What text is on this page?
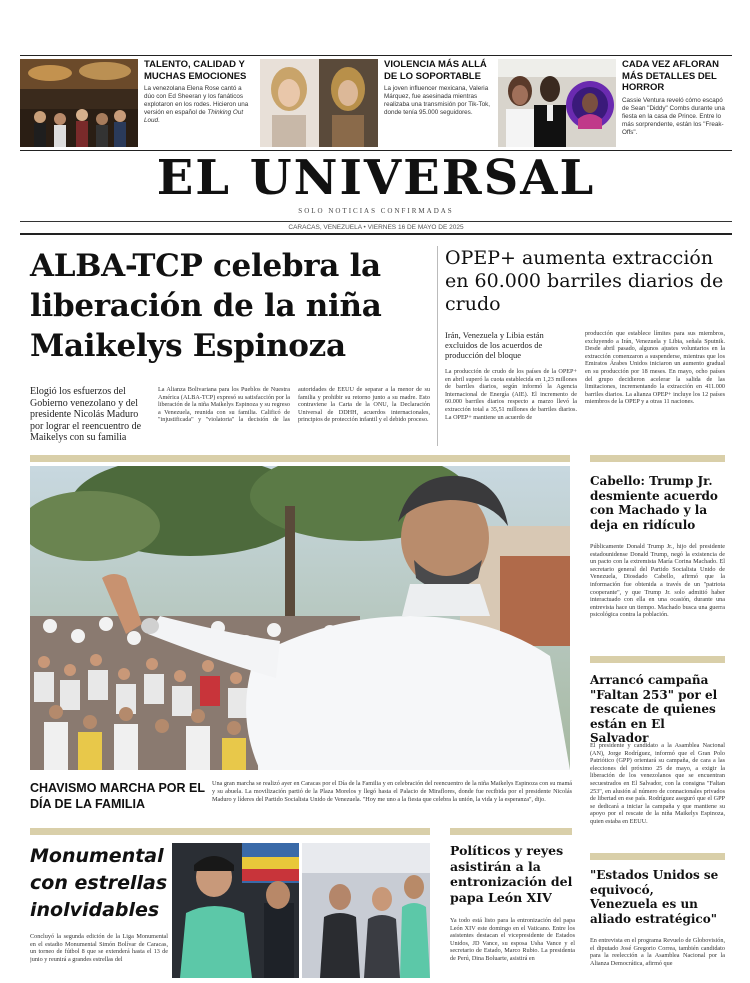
TALENTO, CALIDAD Y MUCHAS EMOCIONES
La venezolana Elena Rose cantó a dúo con Ed Sheeran y los fanáticos explotaron en los rodes. Hicieron una versión en español de Thinking Out Loud.
VIOLENCIA MÁS ALLÁ DE LO SOPORTABLE
La joven influencer mexicana, Valeria Márquez, fue asesinada mientras realizaba una transmisión por Tik-Tok, donde tenía 95.000 seguidores.
CADA VEZ AFLORAN MÁS DETALLES DEL HORROR
Cassie Ventura reveló cómo escapó de Sean "Diddy" Combs durante una fiesta en la casa de Prince. Entre lo más sorprendente, están los "Freak-Offs".
EL UNIVERSAL
SOLO NOTICIAS CONFIRMADAS
CARACAS, VENEZUELA • VIERNES 16 DE MAYO DE 2025
ALBA-TCP celebra la liberación de la niña Maikelys Espinoza
Elogió los esfuerzos del Gobierno venezolano y del presidente Nicolás Maduro por lograr el reencuentro de Maikelys con su familia
La Alianza Bolivariana para los Pueblos de Nuestra América (ALBA-TCP) expresó su satisfacción por la liberación de la niña Maikelys Espinoza y su regreso a Venezuela, reunida con su familia. Calificó de "injustificada" y "violatoria" la decisión de las autoridades de EEUU de separar a la menor de su familia y prohibir su retorno junto a su madre. Esto contraviene la Carta de la ONU, la Declaración Universal de DDHH, acuerdos internacionales, principios de protección infantil y el debido proceso.
OPEP+ aumenta extracción en 60.000 barriles diarios de crudo
Irán, Venezuela y Libia están excluidos de los acuerdos de producción del bloque
La producción de crudo de los países de la OPEP+ en abril superó la cuota establecida en 1,23 millones de barriles diarios, según informó la Agencia Internacional de Energía (AIE). El incremento de 60.000 barriles diarios respecto a marzo llevó la extracción total a 35,51 millones de barriles diarios. La OPEP+ mantiene un acuerdo de
producción que establece límites para sus miembros, excluyendo a Irán, Venezuela y Libia, señala Sputnik. Desde abril pasado, algunos ajustes voluntarios en la extracción comenzaron a suspenderse, mientras que los Emiratos Árabes Unidos iniciaron un aumento gradual en su producción por 18 meses. En mayo, ocho países del grupo decidieron acelerar la salida de las limitaciones, incrementando la extracción en 411.000 barriles diarios. La alianza OPEP+ incluye los 12 países miembros de la OPEP y a otras 11 naciones.
CHAVISMO MARCHA POR EL DÍA DE LA FAMILIA
Una gran marcha se realizó ayer en Caracas por el Día de la Familia y en celebración del reencuentro de la niña Maikelys Espinoza con su mamá y su abuela. La movilización partió de la Plaza Morelos y llegó hasta el Palacio de Miraflores, donde fue recibida por el presidente Nicolás Maduro y líderes del Partido Socialista Unido de Venezuela. "Hoy me uno a la fiesta que celebra la unión, la vida y la esperanza", dijo.
Cabello: Trump Jr. desmiente acuerdo con Machado y la deja en ridículo
Públicamente Donald Trump Jr., hijo del presidente estadounidense Donald Trump, negó la existencia de un pacto con la extremista María Corina Machado. El secretario general del Partido Socialista Unido de Venezuela, Diosdado Cabello, afirmó que la información fue obtenida a través de un "patriota cooperante", y que Trump Jr. solo admitió haber interactuado con ella en una ocasión, durante una entrevista hace un tiempo. Machado busca una guerra psicológica contra la población.
Arrancó campaña "Faltan 253" por el rescate de quienes están en El Salvador
El presidente y candidato a la Asamblea Nacional (AN), Jorge Rodríguez, informó que el Gran Polo Patriótico (GPP) orientará su campaña, de cara a las elecciones del próximo 25 de mayo, a exigir la liberación de los venezolanos que se encuentran secuestrados en El Salvador, con la consigna "Faltan 253", en alusión al número de connacionales privados de libertad en ese país. Rodríguez aseguró que el GPP se dedicará a iniciar la campaña y que mantiene su apoyo por el rescate de la niña Maikelys Espinoza, quien estaba en EEUU.
"Estados Unidos se equivocó, Venezuela es un aliado estratégico"
En entrevista en el programa Revuelo de Globovisión, el diputado José Gregorio Correa, también candidato para la reelección a la Asamblea Nacional por la Alianza Democrática, afirmó que
Monumental con estrellas inolvidables
Concluyó la segunda edición de la Liga Monumental en el estadio Monumental Simón Bolívar de Caracas, un torneo de fútbol 8 que se extenderá hasta el 13 de junio y reunirá a grandes estrellas del
Políticos y reyes asistirán a la entronización del papa León XIV
Ya todo está listo para la entronización del papa León XIV este domingo en el Vaticano. Entre los asistentes destacan el vicepresidente de Estados Unidos, JD Vance, su esposa Usha Vance y el secretario de Estado, Marco Rubio. La presidenta de Perú, Dina Boluarte, asistirá en
